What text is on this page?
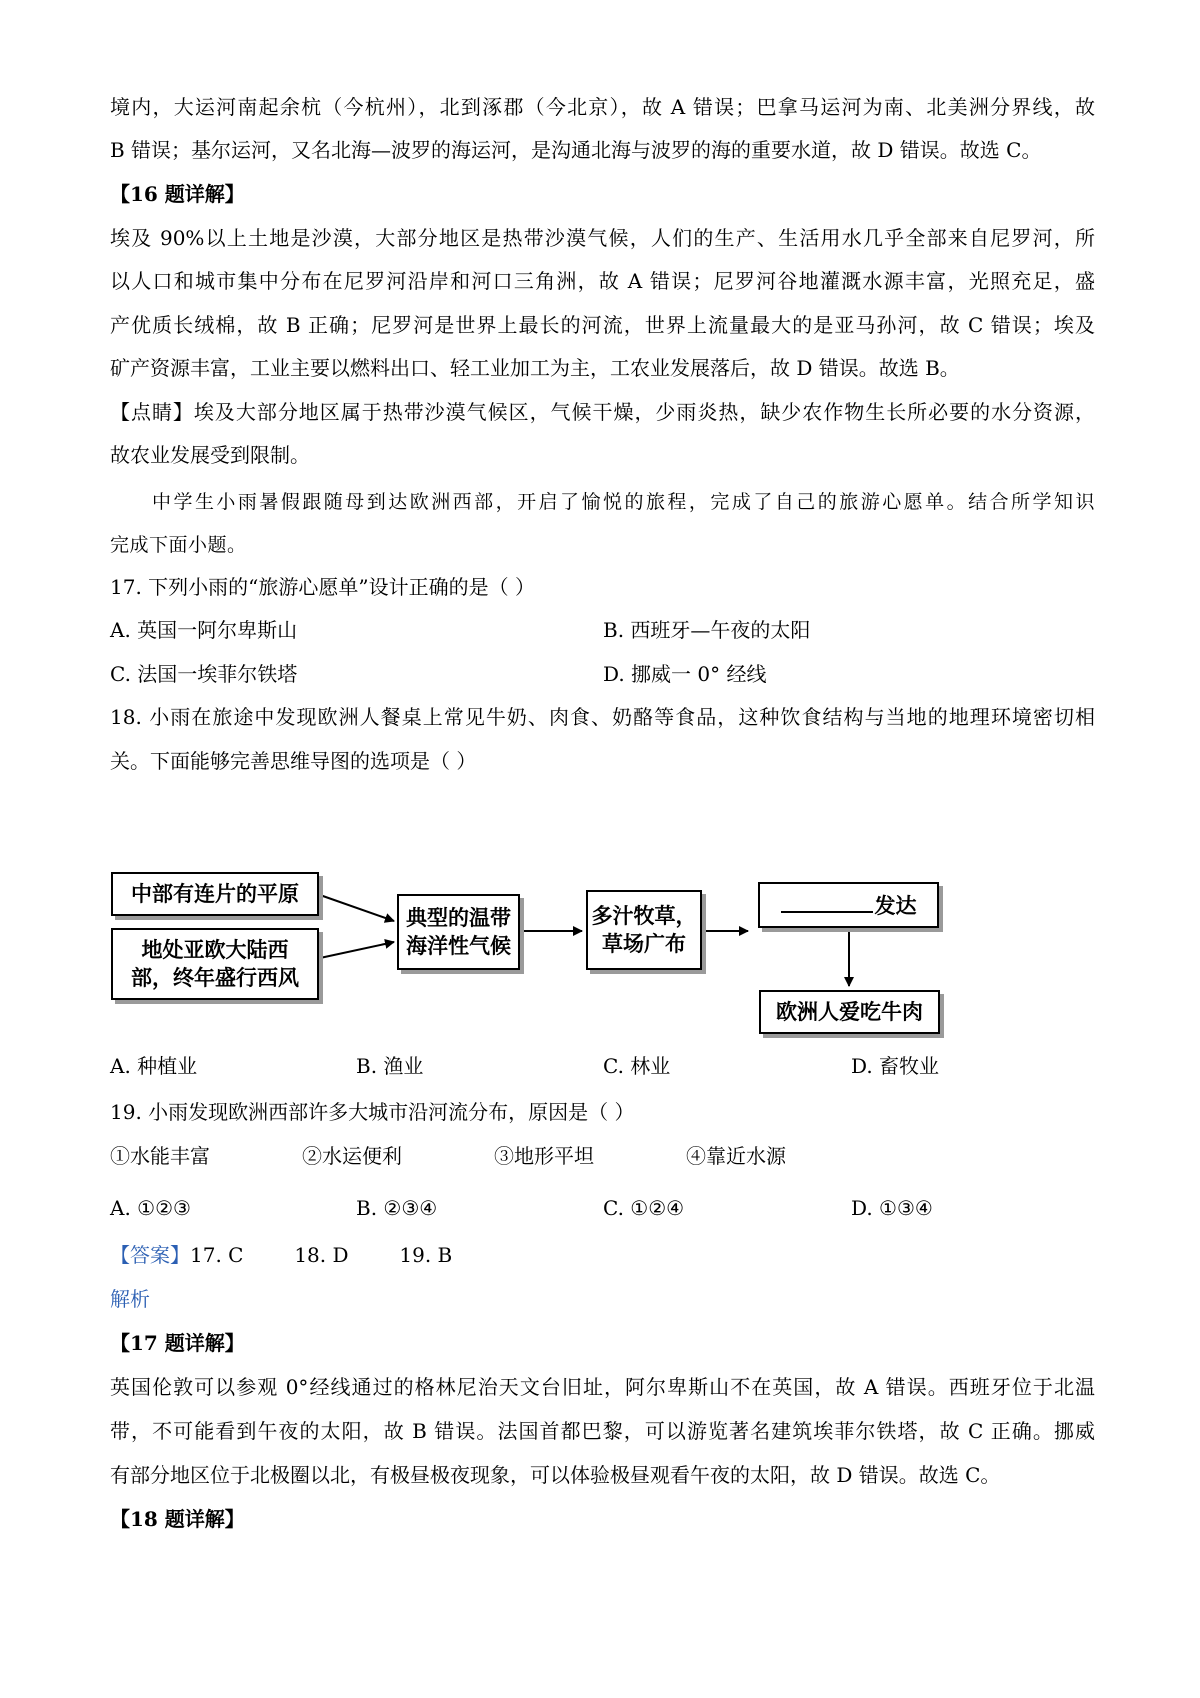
境内，大运河南起余杭（今杭州），北到涿郡（今北京），故 A 错误；巴拿马运河为南、北美洲分界线，故
B 错误；基尔运河，又名北海—波罗的海运河，是沟通北海与波罗的海的重要水道，故 D 错误。故选 C。
【16 题详解】
埃及 90%以上土地是沙漠，大部分地区是热带沙漠气候，人们的生产、生活用水几乎全部来自尼罗河，所
以人口和城市集中分布在尼罗河沿岸和河口三角洲，故 A 错误；尼罗河谷地灌溉水源丰富，光照充足，盛
产优质长绒棉，故 B 正确；尼罗河是世界上最长的河流，世界上流量最大的是亚马孙河，故 C 错误；埃及
矿产资源丰富，工业主要以燃料出口、轻工业加工为主，工农业发展落后，故 D 错误。故选 B。
【点睛】埃及大部分地区属于热带沙漠气候区，气候干燥，少雨炎热，缺少农作物生长所必要的水分资源，
故农业发展受到限制。
中学生小雨暑假跟随母到达欧洲西部，开启了愉悦的旅程，完成了自己的旅游心愿单。结合所学知识
完成下面小题。
17. 下列小雨的“旅游心愿单”设计正确的是（ ）
A. 英国一阿尔卑斯山	B. 西班牙—午夜的太阳
C. 法国一埃菲尔铁塔	D. 挪威一 0° 经线
18. 小雨在旅途中发现欧洲人餐桌上常见牛奶、肉食、奶酪等食品，这种饮食结构与当地的地理环境密切相
关。下面能够完善思维导图的选项是（ ）
中部有连片的平原
地处亚欧大陆西
部，终年盛行西风
典型的温带
海洋性气候
多汁牧草，
草场广布
发达
欧洲人爱吃牛肉
A. 种植业	B. 渔业	C. 林业	D. 畜牧业
19. 小雨发现欧洲西部许多大城市沿河流分布，原因是（ ）
①水能丰富	②水运便利	③地形平坦	④靠近水源
A. ①②③	B. ②③④	C. ①②④	D. ①③④
【答案】17. C        18. D        19. B
解析
【17 题详解】
英国伦敦可以参观 0°经线通过的格林尼治天文台旧址，阿尔卑斯山不在英国，故 A 错误。西班牙位于北温
带，不可能看到午夜的太阳，故 B 错误。法国首都巴黎，可以游览著名建筑埃菲尔铁塔，故 C 正确。挪威
有部分地区位于北极圈以北，有极昼极夜现象，可以体验极昼观看午夜的太阳，故 D 错误。故选 C。
【18 题详解】
